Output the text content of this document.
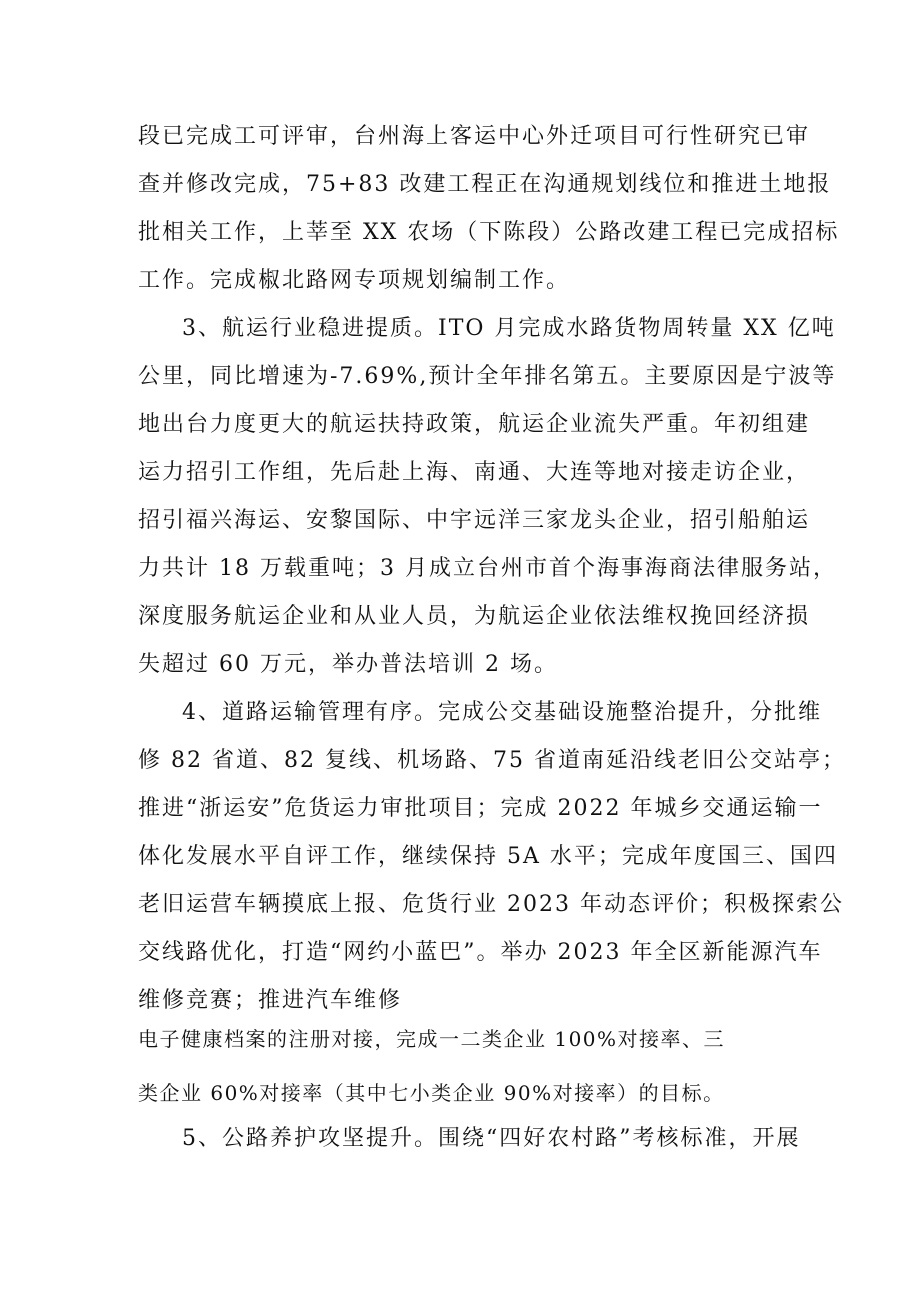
段已完成工可评审，台州海上客运中心外迁项目可行性研究已审
查并修改完成，75+83 改建工程正在沟通规划线位和推进土地报
批相关工作，上莘至 XX 农场（下陈段）公路改建工程已完成招标
工作。完成椒北路网专项规划编制工作。
3、航运行业稳进提质。ITO 月完成水路货物周转量 XX 亿吨
公里，同比增速为-7.69%,预计全年排名第五。主要原因是宁波等
地出台力度更大的航运扶持政策，航运企业流失严重。年初组建
运力招引工作组，先后赴上海、南通、大连等地对接走访企业，
招引福兴海运、安黎国际、中宇远洋三家龙头企业，招引船舶运
力共计 18 万载重吨；3 月成立台州市首个海事海商法律服务站，
深度服务航运企业和从业人员，为航运企业依法维权挽回经济损
失超过 60 万元，举办普法培训 2 场。
4、道路运输管理有序。完成公交基础设施整治提升，分批维
修 82 省道、82 复线、机场路、75 省道南延沿线老旧公交站亭；
推进“浙运安”危货运力审批项目；完成 2022 年城乡交通运输一
体化发展水平自评工作，继续保持 5A 水平；完成年度国三、国四
老旧运营车辆摸底上报、危货行业 2023 年动态评价；积极探索公
交线路优化，打造“网约小蓝巴”。举办 2023 年全区新能源汽车
维修竞赛；推进汽车维修
电子健康档案的注册对接，完成一二类企业 100%对接率、三
类企业 60%对接率（其中七小类企业 90%对接率）的目标。
5、公路养护攻坚提升。围绕“四好农村路”考核标准，开展
